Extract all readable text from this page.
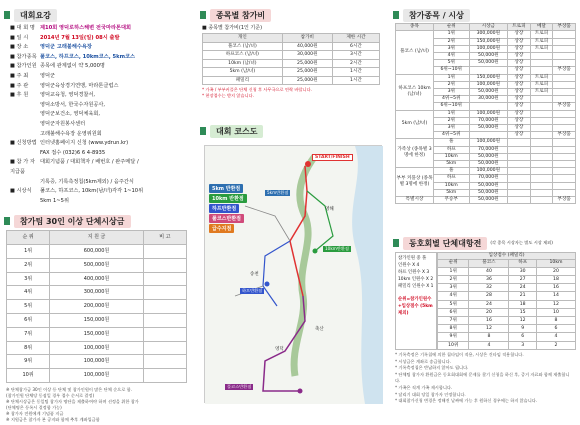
대회요강
■ 대 회 명 제10회 영덕로하스해변 전국마라톤대회
■ 일 시	2014년 7월 13일(일) 08시 출발
■ 장 소	영덕군 고래불해수욕장
■ 참가종목 풀코스, 하프코스, 10km코스, 5km코스
■ 참가인원 종목에 관계없이 약 5,000명
■ 주 최	영덕군
■ 주 관	영덕군육상경기연맹, 마라톤클럽스
■ 후 원	영덕교육청, 영덕경찰서,
영덕소방서, 한국수자원공사,
영덕군보건소, 영덕체육회,
영덕군자원봉사센터
고래불해수욕장 운영위원회
■ 신청방법 인터넷홈페이지 신청 (www.ydrun.kr)
FAX 접수 (032)6 6 4-8935
■ 참 가 자 지급품
대회기념품 / 대회책자 / 배번호 / 완주메달 /
기록증, 기록측정칩(5km제외) / 음주간식
■ 시상식	풀코스, 하프코스, 10km(남/녀)각각 1~10위
5km 1~5위
참가팀 30인 이상 단체시상금
순 위	지 원 금	비 고
1위	600,000원	
2위	500,000원	
3위	400,000원	
4위	300,000원	
5위	200,000원	
6위	150,000원	
7위	150,000원	
8위	100,000원	
9위	100,000원	
10위	100,000원	
※ 단체참가금 30인 이상 등 단체 및 참가인원이 많은 단체 순으로 함.
(참가인원 단체당 동점일 경우 접수 순서로 결정)
※ 단체시상금은 동일팀 참가자 명단을 제출하여야 하며 선정을 위한 참가
(단체명은 등록시 결정함 가능)
※ 참가자 전원에게 기념품 지급
※ 지원금은 참가자 본 공지와 함께 추후 계좌입금함
종목별 참가비
■ 종목별 참가비(1인 기준)
개인	참가비	제한 시간
풀코스 (남/녀)	40,000원	6시간
하프코스 (남/녀)	30,000원	3시간
10km (남/녀)	25,000원	2시간
5km (남/녀)	25,000원	1시간
패밀리	25,000원	1시간
* 가족 / 부부커플은 단체 신청 후 사무국으로 연락 바랍니다.
* 현장접수는 받지 않습니다.
대회 코스도
5km 반환점
10km 반환점
하프반환점
풀코스반환점
급수지점
START/FINISH
5km반환점
10km반환점
하프반환점
풀코스반환점
영해
축산
영덕
송천
참가종목 / 시상
종목	순위	시상금	트로피	메달	부상품
풀코스 (남/녀)	1위	300,000원	상장	트로피	
	2위	150,000원	상장	트로피	
	3위	100,000원	상장	트로피	
	4위	50,000원	상장		
	5위	50,000원	상장		
	6위~10위		상장		부상품
하프코스 10km (남/녀)	1위	150,000원	상장	트로피	
	2위	100,000원	상장	트로피	
	3위	50,000원	상장	트로피	
	4위~5위	30,000원	상장		
	6위~10위		상장		부상품
5km (남/녀)	1위	100,000원	상장		
	2위	70,000원	상장		
	3위	50,000원	상장		
	4위~5위		상장		부상품
가족상 (종목별 3명에 한정)	풀	100,000원			
	하프	70,000원			
	10km	50,000원			
	5km	50,000원			
부부 커플상 (종목별 3명에 한정)	풀	100,000원			
	하프	70,000원			
	10km	50,000원			
	5km	50,000원			
특별시상	무승부	50,000원			부상품
동호회별 단체대항전	(각 종목 시상자는 별도 시상 제외)
참가인원 중 풀
인원수 X 4
하프 인원수 X 3
10km 인원수 X 2
패밀리 인원수 X 1
순위=참가인원수 +입상점수 (5km제외)
입상점수 (패밀리)			
순위	풀코스	하프	10km
1위	40	30	20
2위	36	27	18
3위	32	24	16
4위	28	21	14
5위	24	18	12
6위	20	15	10
7위	16	12	8
8위	12	9	6
9위	8	6	4
10위	4	3	2
* 기록측정은 기록칩에 의한 칩타임이 적용, 시상은 건타임 적용합니다.
* 시상금은 계좌로 송금합니다.
* 기록측정칩은 반납하지 않아도 됩니다.
* 단체팀 참가자 환원금은 동호회대회에 문제를 찾기 신청을 하신 후, 증거 자료와 함께 제출합니다.
* 가족은 직계 가족 제시합니다.
* 달리기 대회 당일 참가자 인정합니다.
* 대회참가신청 변경은 정해진 날짜에 가능 후 원하신 경우에는 하지 않습니다.
